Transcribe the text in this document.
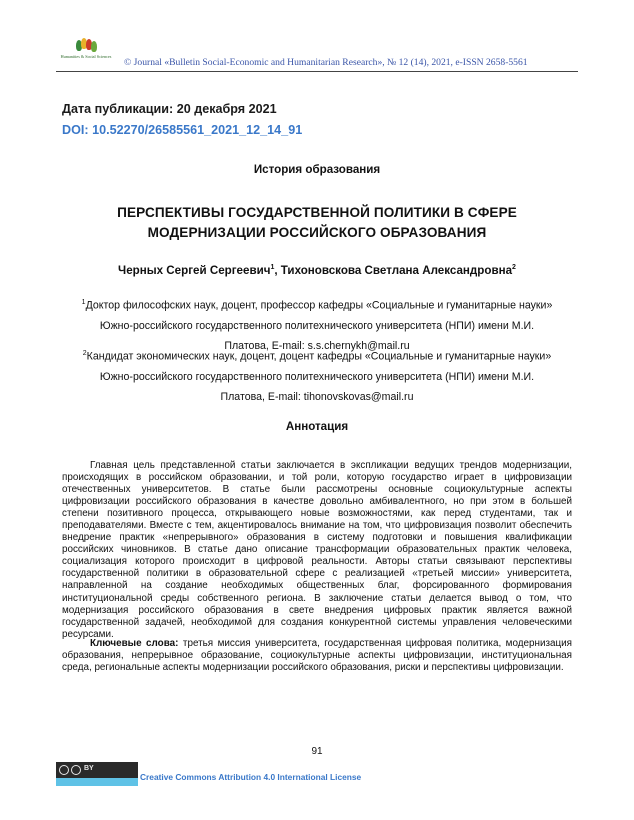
Humanities & Social Sciences
© Journal «Bulletin Social-Economic and Humanitarian Research», № 12 (14), 2021, e-ISSN 2658-5561
Дата публикации: 20 декабря 2021
DOI: 10.52270/26585561_2021_12_14_91
История образования
ПЕРСПЕКТИВЫ ГОСУДАРСТВЕННОЙ ПОЛИТИКИ В СФЕРЕ
МОДЕРНИЗАЦИИ РОССИЙСКОГО ОБРАЗОВАНИЯ
Черных Сергей Сергеевич$^1$, Тихоновскова Светлана Александровна$^2$
$^1$Доктор философских наук, доцент, профессор кафедры «Социальные и гуманитарные науки»
Южно-российского государственного политехнического университета (НПИ) имени М.И.
Платова, E-mail: s.s.chernykh@mail.ru
$^2$Кандидат экономических наук, доцент, доцент кафедры «Социальные и гуманитарные науки»
Южно-российского государственного политехнического университета (НПИ) имени М.И.
Платова, E-mail: tihonovskovas@mail.ru
Аннотация

Главная цель представленной статьи заключается в экспликации ведущих трендов модернизации, происходящих в российском образовании, и той роли, которую государство играет в цифровизации отечественных университетов. В статье были рассмотрены основные социокультурные аспекты цифровизации российского образования в качестве довольно амбивалентного, но при этом в большей степени позитивного процесса, открывающего новые возможностями, как перед студентами, так и преподавателями. Вместе с тем, акцентировалось внимание на том, что цифровизация позволит обеспечить внедрение практик «непрерывного» образования в систему подготовки и повышения квалификации российских чиновников. В статье дано описание трансформации образовательных практик человека, социализация которого происходит в цифровой реальности. Авторы статьи связывают перспективы государственной политики в образовательной сфере с реализацией «третьей миссии» университета, направленной на создание необходимых общественных благ, форсированного формирования институциональной среды собственного региона. В заключение статьи делается вывод о том, что модернизация российского образования в свете внедрения цифровых практик является важной государственной задачей, необходимой для создания конкурентной системы управления человеческими ресурсами.

Ключевые слова: третья миссия университета, государственная цифровая политика, модернизация образования, непрерывное образование, социокультурные аспекты цифровизации, институциональная среда, региональные аспекты модернизации российского образования, риски и перспективы цифровизации.

91
BY
Creative Commons Attribution 4.0 International License
